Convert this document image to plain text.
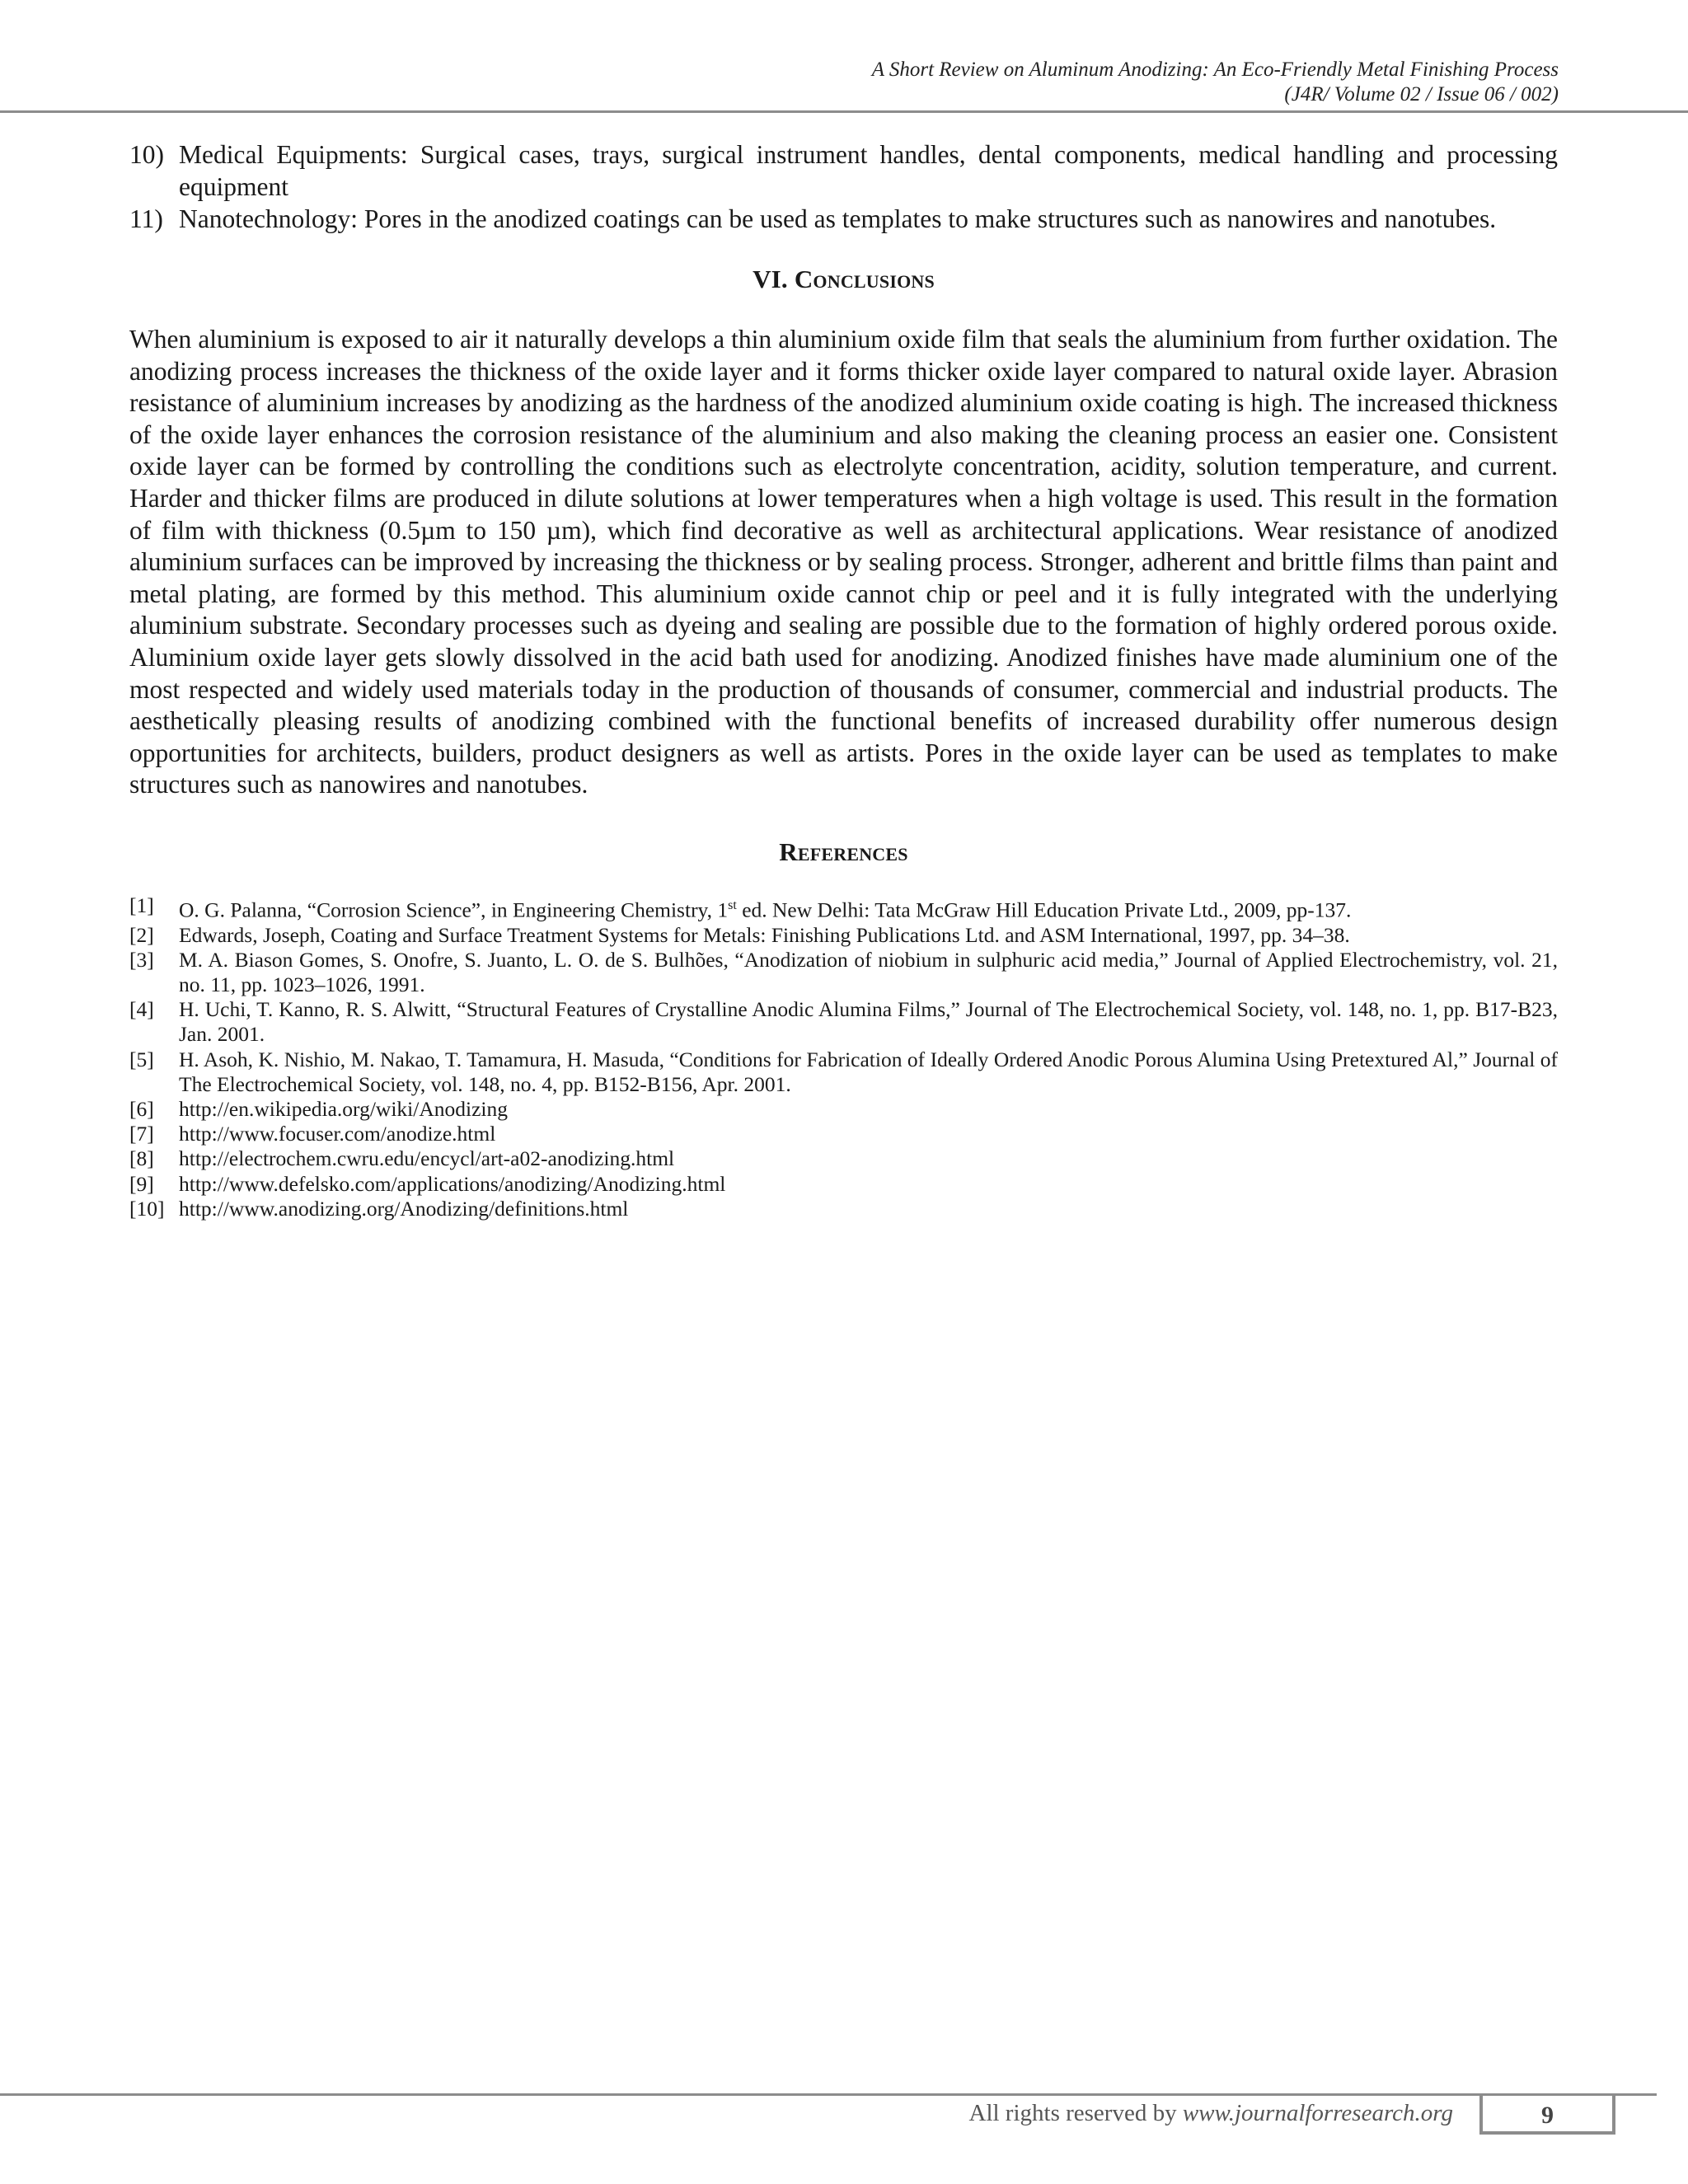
A Short Review on Aluminum Anodizing: An Eco-Friendly Metal Finishing Process
(J4R/ Volume 02 / Issue 06 / 002)
10) Medical Equipments: Surgical cases, trays, surgical instrument handles, dental components, medical handling and processing equipment
11) Nanotechnology: Pores in the anodized coatings can be used as templates to make structures such as nanowires and nanotubes.
VI. Conclusions

When aluminium is exposed to air it naturally develops a thin aluminium oxide film that seals the aluminium from further oxidation. The anodizing process increases the thickness of the oxide layer and it forms thicker oxide layer compared to natural oxide layer. Abrasion resistance of aluminium increases by anodizing as the hardness of the anodized aluminium oxide coating is high. The increased thickness of the oxide layer enhances the corrosion resistance of the aluminium and also making the cleaning process an easier one. Consistent oxide layer can be formed by controlling the conditions such as electrolyte concentration, acidity, solution temperature, and current. Harder and thicker films are produced in dilute solutions at lower temperatures when a high voltage is used. This result in the formation of film with thickness (0.5µm to 150 µm), which find decorative as well as architectural applications. Wear resistance of anodized aluminium surfaces can be improved by increasing the thickness or by sealing process. Stronger, adherent and brittle films than paint and metal plating, are formed by this method. This aluminium oxide cannot chip or peel and it is fully integrated with the underlying aluminium substrate. Secondary processes such as dyeing and sealing are possible due to the formation of highly ordered porous oxide. Aluminium oxide layer gets slowly dissolved in the acid bath used for anodizing. Anodized finishes have made aluminium one of the most respected and widely used materials today in the production of thousands of consumer, commercial and industrial products. The aesthetically pleasing results of anodizing combined with the functional benefits of increased durability offer numerous design opportunities for architects, builders, product designers as well as artists. Pores in the oxide layer can be used as templates to make structures such as nanowires and nanotubes.

References
[1]	O. G. Palanna, “Corrosion Science”, in Engineering Chemistry, 1st ed. New Delhi: Tata McGraw Hill Education Private Ltd., 2009, pp-137.
[2]	Edwards, Joseph, Coating and Surface Treatment Systems for Metals: Finishing Publications Ltd. and ASM International, 1997, pp. 34–38.
[3]	M. A. Biason Gomes, S. Onofre, S. Juanto, L. O. de S. Bulhões, “Anodization of niobium in sulphuric acid media,” Journal of Applied Electrochemistry, vol. 21, no. 11, pp. 1023–1026, 1991.
[4]	H. Uchi, T. Kanno, R. S. Alwitt, “Structural Features of Crystalline Anodic Alumina Films,” Journal of The Electrochemical Society, vol. 148, no. 1, pp. B17-B23, Jan. 2001.
[5]	H. Asoh, K. Nishio, M. Nakao, T. Tamamura, H. Masuda, “Conditions for Fabrication of Ideally Ordered Anodic Porous Alumina Using Pretextured Al,” Journal of The Electrochemical Society, vol. 148, no. 4, pp. B152-B156, Apr. 2001.
[6]	http://en.wikipedia.org/wiki/Anodizing
[7]	http://www.focuser.com/anodize.html
[8]	http://electrochem.cwru.edu/encycl/art-a02-anodizing.html
[9]	http://www.defelsko.com/applications/anodizing/Anodizing.html
[10] http://www.anodizing.org/Anodizing/definitions.html
9
All rights reserved by www.journalforresearch.org
